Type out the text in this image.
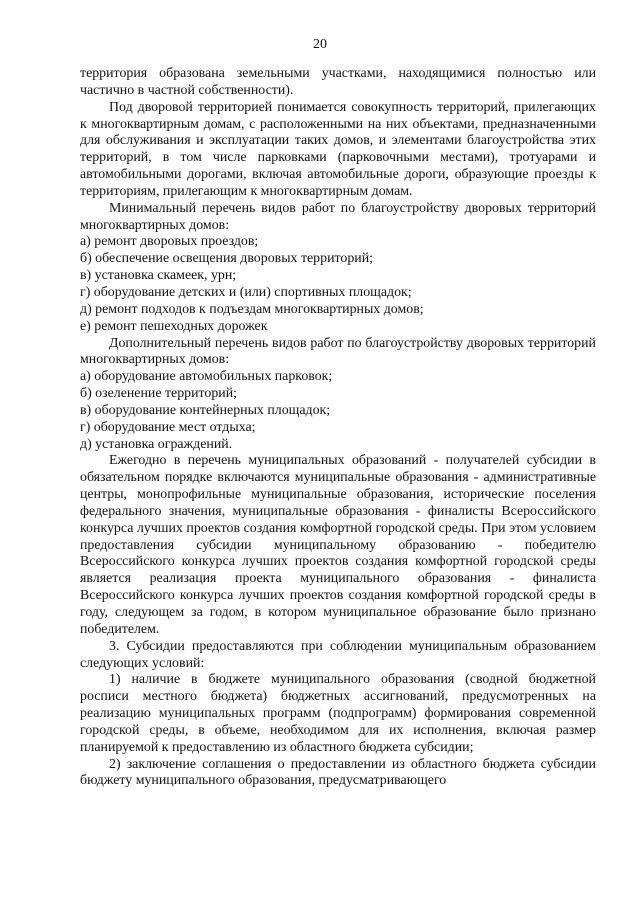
20

территория образована земельными участками, находящимися полностью или частично в частной собственности).

Под дворовой территорией понимается совокупность территорий, прилегающих к многоквартирным домам, с расположенными на них объектами, предназначенными для обслуживания и эксплуатации таких домов, и элементами благоустройства этих территорий, в том числе парковками (парковочными местами), тротуарами и автомобильными дорогами, включая автомобильные дороги, образующие проезды к территориям, прилегающим к многоквартирным домам.

Минимальный перечень видов работ по благоустройству дворовых территорий многоквартирных домов:

а) ремонт дворовых проездов;

б) обеспечение освещения дворовых территорий;

в) установка скамеек, урн;

г) оборудование детских и (или) спортивных площадок;

д) ремонт подходов к подъездам многоквартирных домов;

е) ремонт пешеходных дорожек

Дополнительный перечень видов работ по благоустройству дворовых территорий многоквартирных домов:

а) оборудование автомобильных парковок;

б) озеленение территорий;

в) оборудование контейнерных площадок;

г) оборудование мест отдыха;

д) установка ограждений.

Ежегодно в перечень муниципальных образований - получателей субсидии в обязательном порядке включаются муниципальные образования - административные центры, монопрофильные муниципальные образования, исторические поселения федерального значения, муниципальные образования - финалисты Всероссийского конкурса лучших проектов создания комфортной городской среды. При этом условием предоставления субсидии муниципальному образованию - победителю Всероссийского конкурса лучших проектов создания комфортной городской среды является реализация проекта муниципального образования - финалиста Всероссийского конкурса лучших проектов создания комфортной городской среды в году, следующем за годом, в котором муниципальное образование было признано победителем.

3. Субсидии предоставляются при соблюдении муниципальным образованием следующих условий:

1) наличие в бюджете муниципального образования (сводной бюджетной росписи местного бюджета) бюджетных ассигнований, предусмотренных на реализацию муниципальных программ (подпрограмм) формирования современной городской среды, в объеме, необходимом для их исполнения, включая размер планируемой к предоставлению из областного бюджета субсидии;

2) заключение соглашения о предоставлении из областного бюджета субсидии бюджету муниципального образования, предусматривающего
